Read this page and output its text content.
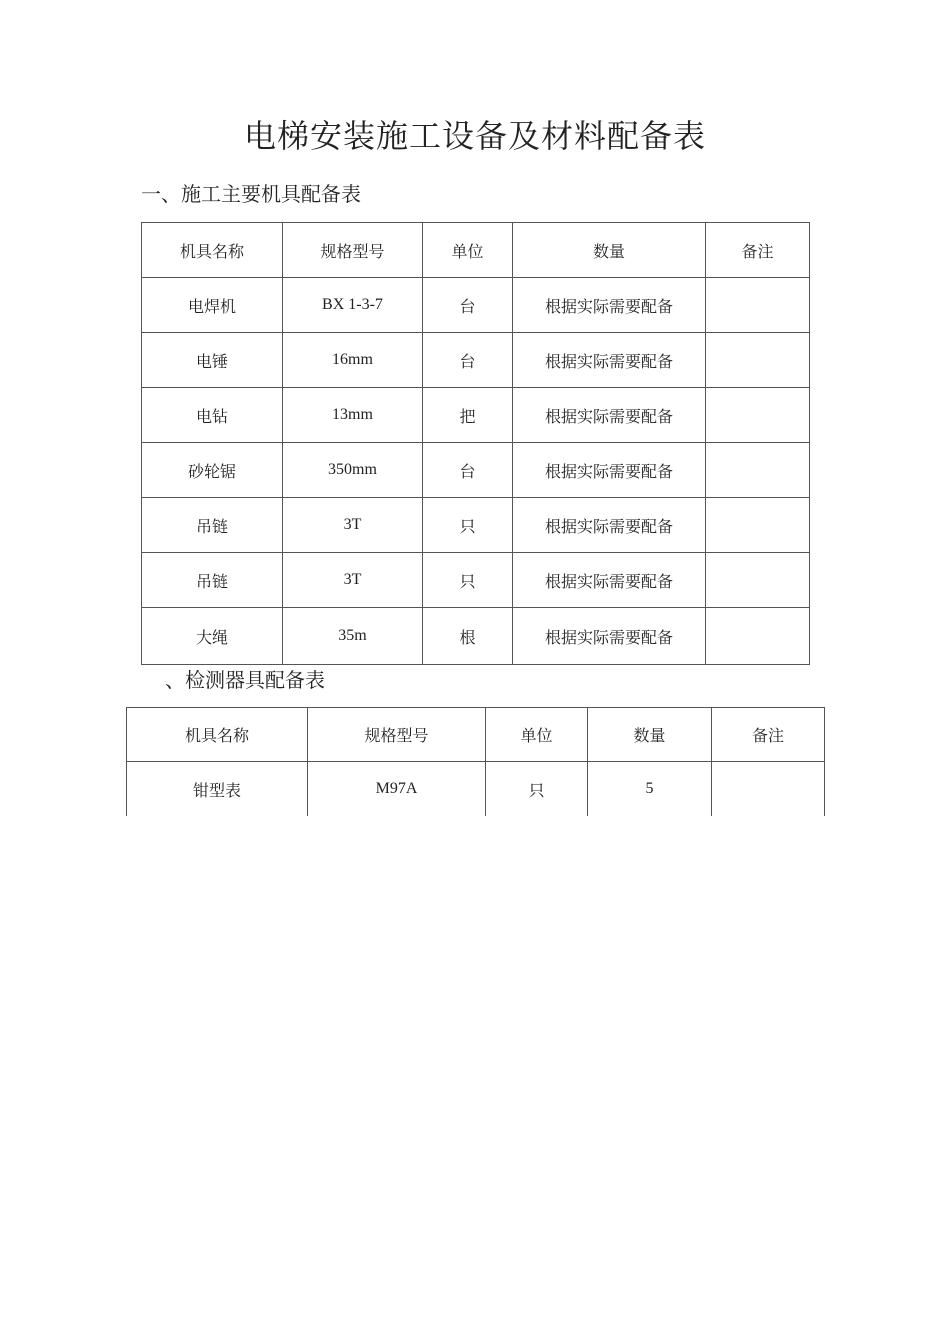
电梯安装施工设备及材料配备表
一、施工主要机具配备表
机具名称	规格型号	单位	数量	备注
电焊机	BX 1-3-7	台	根据实际需要配备	
电锤	16mm	台	根据实际需要配备	
电钻	13mm	把	根据实际需要配备	
砂轮锯	350mm	台	根据实际需要配备	
吊链	3T	只	根据实际需要配备	
吊链	3T	只	根据实际需要配备	
大绳	35m	根	根据实际需要配备	
、检测器具配备表
机具名称	规格型号	单位	数量	备注
钳型表	M97A	只	5	
